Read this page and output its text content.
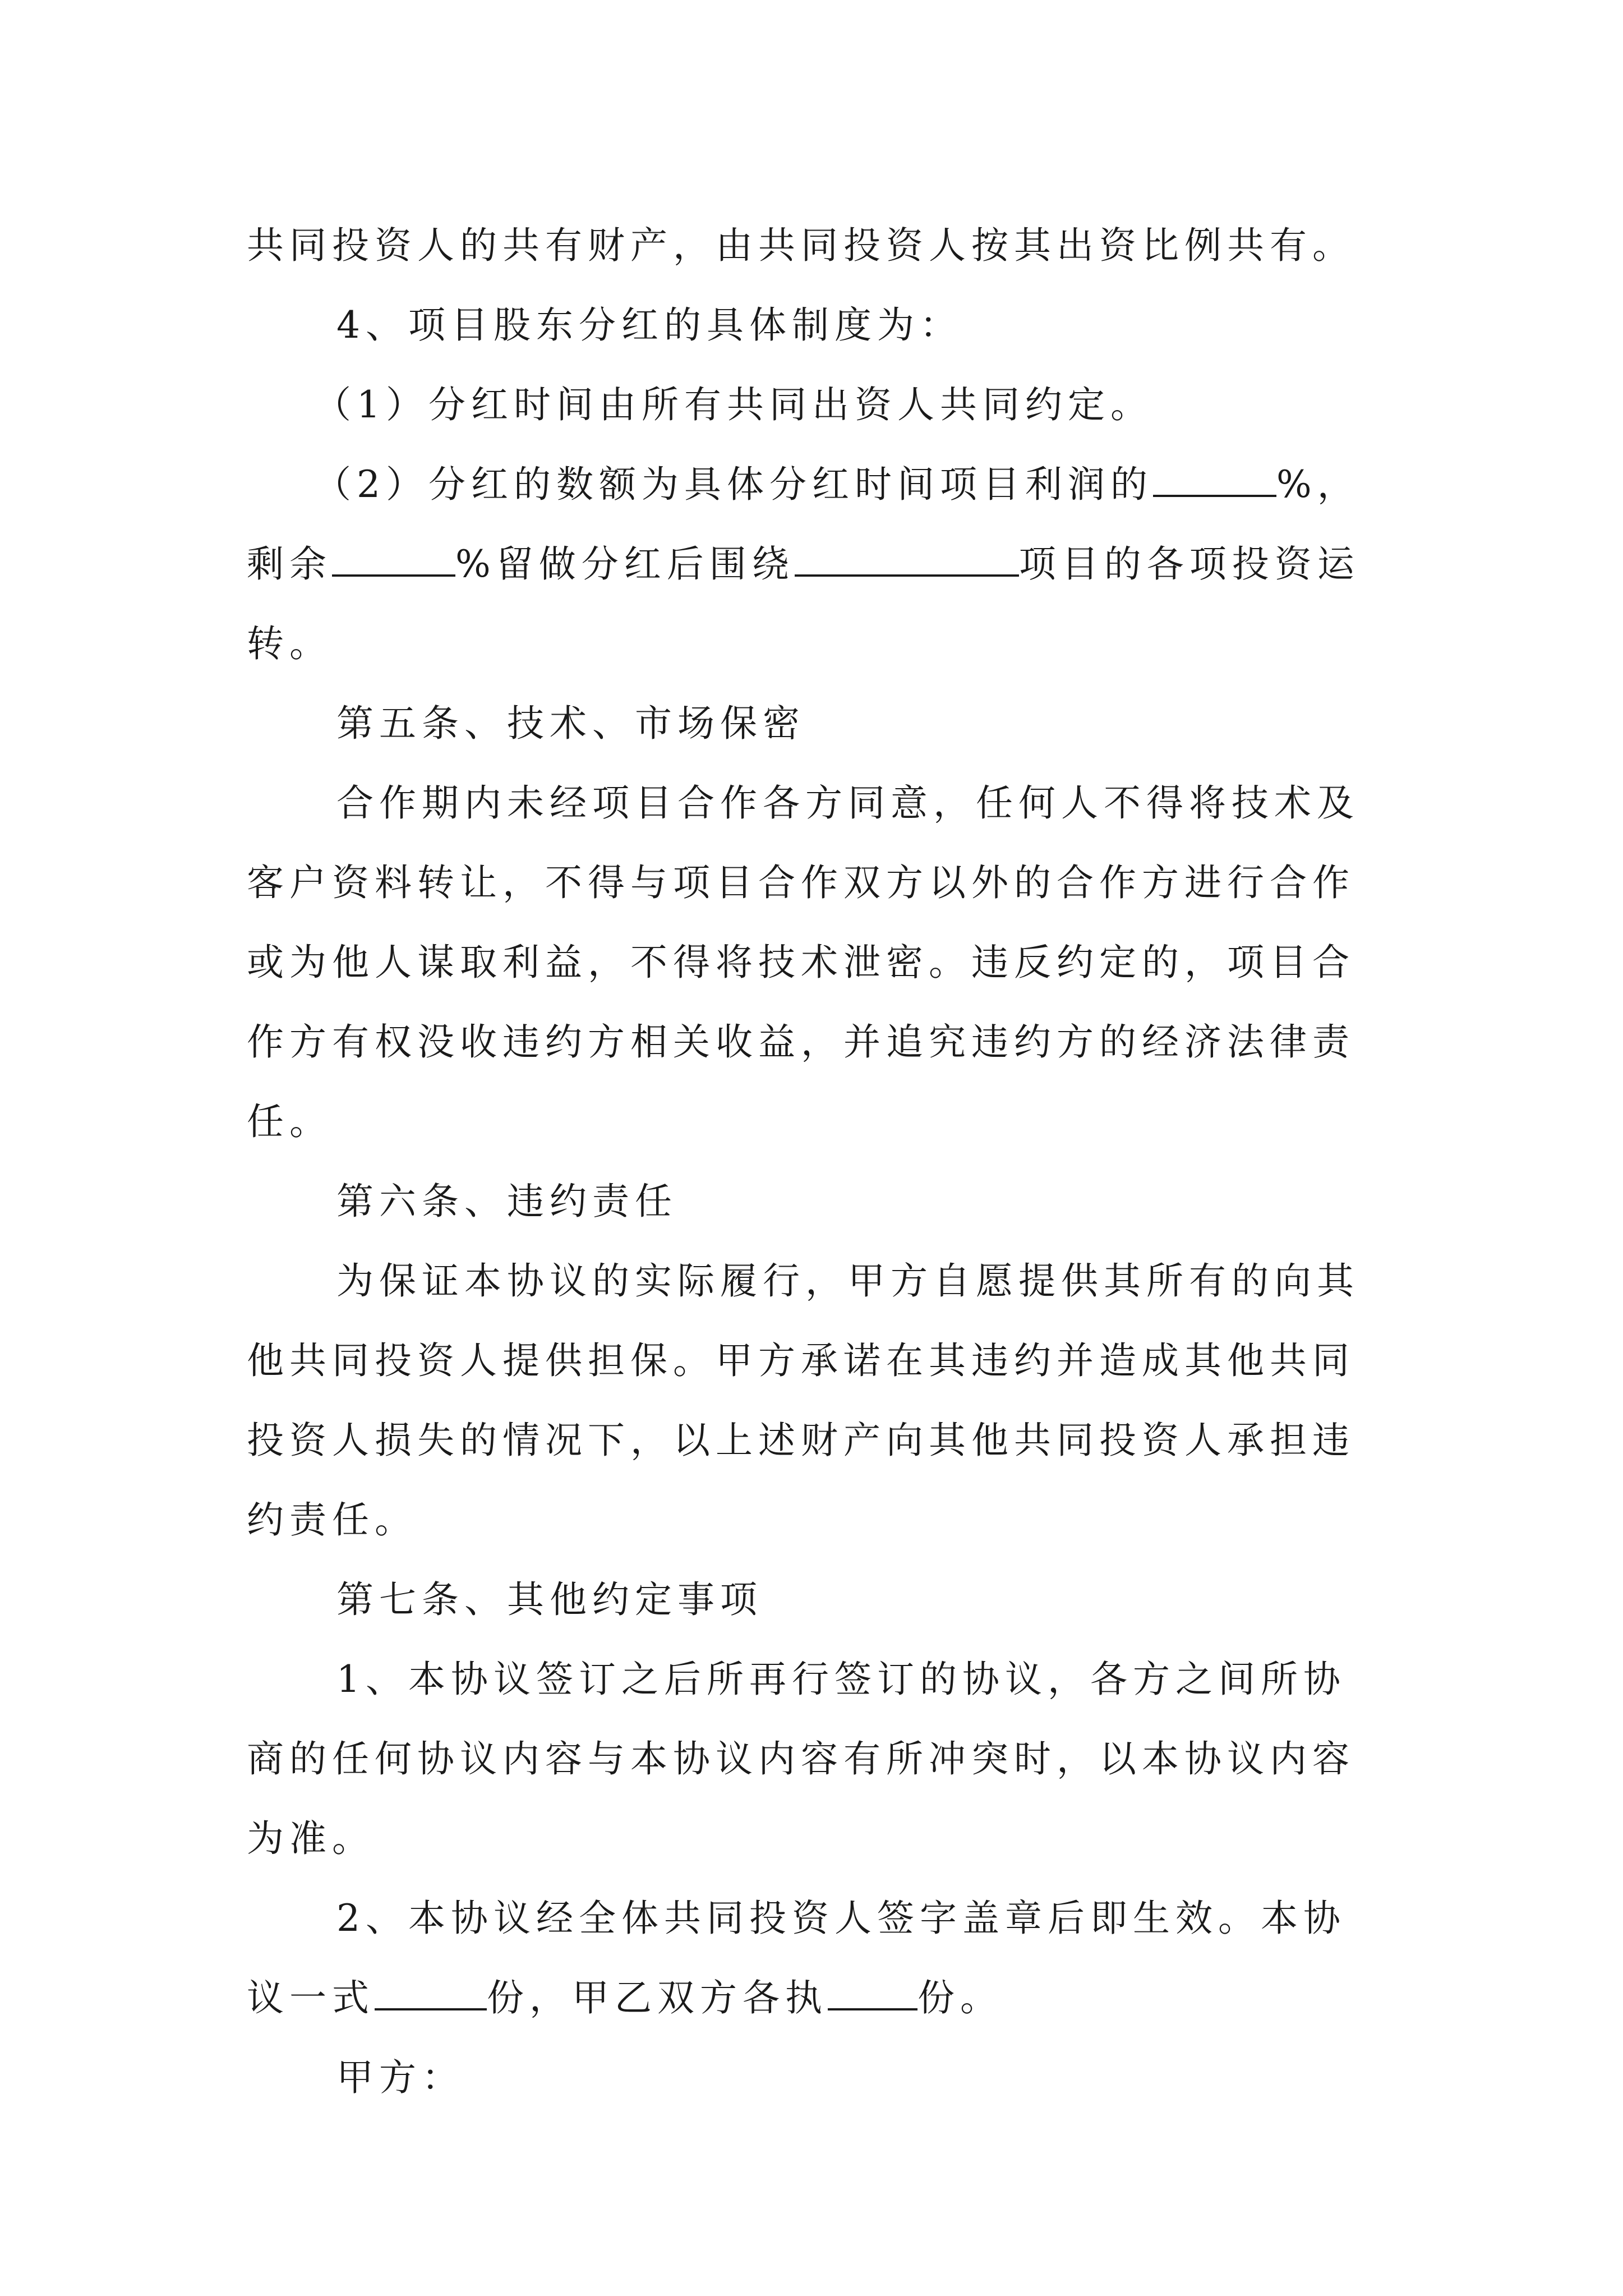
共同投资人的共有财产，由共同投资人按其出资比例共有。
4、项目股东分红的具体制度为：
（1）分红时间由所有共同出资人共同约定。
（2）分红的数额为具体分红时间项目利润的	%，
剩余	%留做分红后围绕	项目的各项投资运
转。
第五条、技术、市场保密
合作期内未经项目合作各方同意，任何人不得将技术及
客户资料转让，不得与项目合作双方以外的合作方进行合作
或为他人谋取利益，不得将技术泄密。违反约定的，项目合
作方有权没收违约方相关收益，并追究违约方的经济法律责
任。
第六条、违约责任
为保证本协议的实际履行，甲方自愿提供其所有的向其
他共同投资人提供担保。甲方承诺在其违约并造成其他共同
投资人损失的情况下，以上述财产向其他共同投资人承担违
约责任。
第七条、其他约定事项
1、本协议签订之后所再行签订的协议，各方之间所协
商的任何协议内容与本协议内容有所冲突时，以本协议内容
为准。
2、本协议经全体共同投资人签字盖章后即生效。本协
议一式	份，甲乙双方各执 份。
甲方：
